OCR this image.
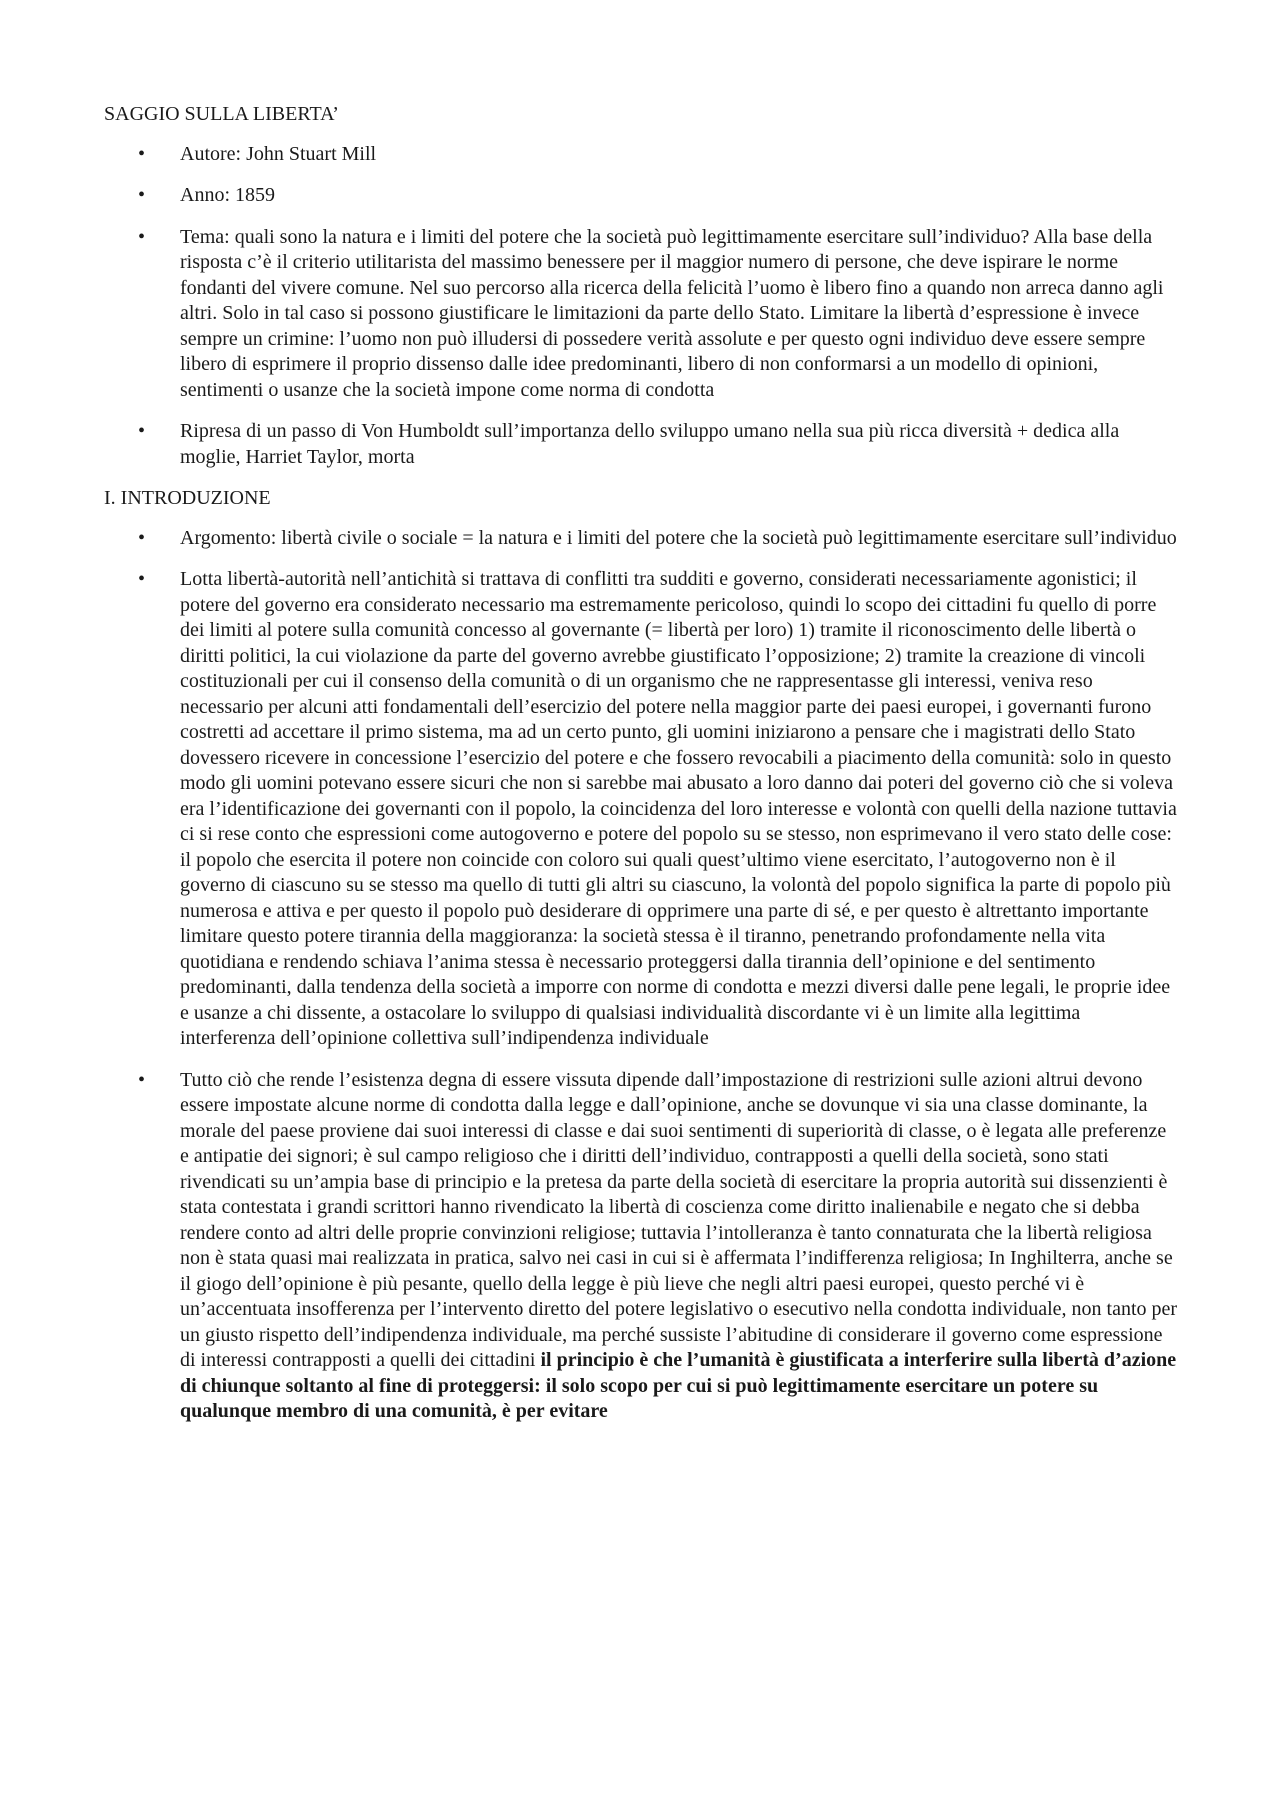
SAGGIO SULLA LIBERTA’

• Autore: John Stuart Mill
• Anno: 1859
• Tema: quali sono la natura e i limiti del potere che la società può legittimamente esercitare sull’individuo? Alla base della risposta c’è il criterio utilitarista del massimo benessere per il maggior numero di persone, che deve ispirare le norme fondanti del vivere comune. Nel suo percorso alla ricerca della felicità l’uomo è libero fino a quando non arreca danno agli altri. Solo in tal caso si possono giustificare le limitazioni da parte dello Stato. Limitare la libertà d’espressione è invece sempre un crimine: l’uomo non può illudersi di possedere verità assolute e per questo ogni individuo deve essere sempre libero di esprimere il proprio dissenso dalle idee predominanti, libero di non conformarsi a un modello di opinioni, sentimenti o usanze che la società impone come norma di condotta
• Ripresa di un passo di Von Humboldt sull’importanza dello sviluppo umano nella sua più ricca diversità + dedica alla moglie, Harriet Taylor, morta

I. INTRODUZIONE

• Argomento: libertà civile o sociale = la natura e i limiti del potere che la società può legittimamente esercitare sull’individuo
• Lotta libertà-autorità nell’antichità si trattava di conflitti tra sudditi e governo, considerati necessariamente agonistici; il potere del governo era considerato necessario ma estremamente pericoloso, quindi lo scopo dei cittadini fu quello di porre dei limiti al potere sulla comunità concesso al governante (= libertà per loro) 1) tramite il riconoscimento delle libertà o diritti politici, la cui violazione da parte del governo avrebbe giustificato l’opposizione; 2) tramite la creazione di vincoli costituzionali per cui il consenso della comunità o di un organismo che ne rappresentasse gli interessi, veniva reso necessario per alcuni atti fondamentali dell’esercizio del potere nella maggior parte dei paesi europei, i governanti furono costretti ad accettare il primo sistema, ma ad un certo punto, gli uomini iniziarono a pensare che i magistrati dello Stato dovessero ricevere in concessione l’esercizio del potere e che fossero revocabili a piacimento della comunità: solo in questo modo gli uomini potevano essere sicuri che non si sarebbe mai abusato a loro danno dai poteri del governo ciò che si voleva era l’identificazione dei governanti con il popolo, la coincidenza del loro interesse e volontà con quelli della nazione tuttavia ci si rese conto che espressioni come autogoverno e potere del popolo su se stesso, non esprimevano il vero stato delle cose: il popolo che esercita il potere non coincide con coloro sui quali quest’ultimo viene esercitato, l’autogoverno non è il governo di ciascuno su se stesso ma quello di tutti gli altri su ciascuno, la volontà del popolo significa la parte di popolo più numerosa e attiva e per questo il popolo può desiderare di opprimere una parte di sé, e per questo è altrettanto importante limitare questo potere tirannia della maggioranza: la società stessa è il tiranno, penetrando profondamente nella vita quotidiana e rendendo schiava l’anima stessa è necessario proteggersi dalla tirannia dell’opinione e del sentimento predominanti, dalla tendenza della società a imporre con norme di condotta e mezzi diversi dalle pene legali, le proprie idee e usanze a chi dissente, a ostacolare lo sviluppo di qualsiasi individualità discordante vi è un limite alla legittima interferenza dell’opinione collettiva sull’indipendenza individuale
• Tutto ciò che rende l’esistenza degna di essere vissuta dipende dall’impostazione di restrizioni sulle azioni altrui devono essere impostate alcune norme di condotta dalla legge e dall’opinione, anche se dovunque vi sia una classe dominante, la morale del paese proviene dai suoi interessi di classe e dai suoi sentimenti di superiorità di classe, o è legata alle preferenze e antipatie dei signori; è sul campo religioso che i diritti dell’individuo, contrapposti a quelli della società, sono stati rivendicati su un’ampia base di principio e la pretesa da parte della società di esercitare la propria autorità sui dissenzienti è stata contestata i grandi scrittori hanno rivendicato la libertà di coscienza come diritto inalienabile e negato che si debba rendere conto ad altri delle proprie convinzioni religiose; tuttavia l’intolleranza è tanto connaturata che la libertà religiosa non è stata quasi mai realizzata in pratica, salvo nei casi in cui si è affermata l’indifferenza religiosa; In Inghilterra, anche se il giogo dell’opinione è più pesante, quello della legge è più lieve che negli altri paesi europei, questo perché vi è un’accentuata insofferenza per l’intervento diretto del potere legislativo o esecutivo nella condotta individuale, non tanto per un giusto rispetto dell’indipendenza individuale, ma perché sussiste l’abitudine di considerare il governo come espressione di interessi contrapposti a quelli dei cittadini il principio è che l’umanità è giustificata a interferire sulla libertà d’azione di chiunque soltanto al fine di proteggersi: il solo scopo per cui si può legittimamente esercitare un potere su qualunque membro di una comunità, è per evitare
